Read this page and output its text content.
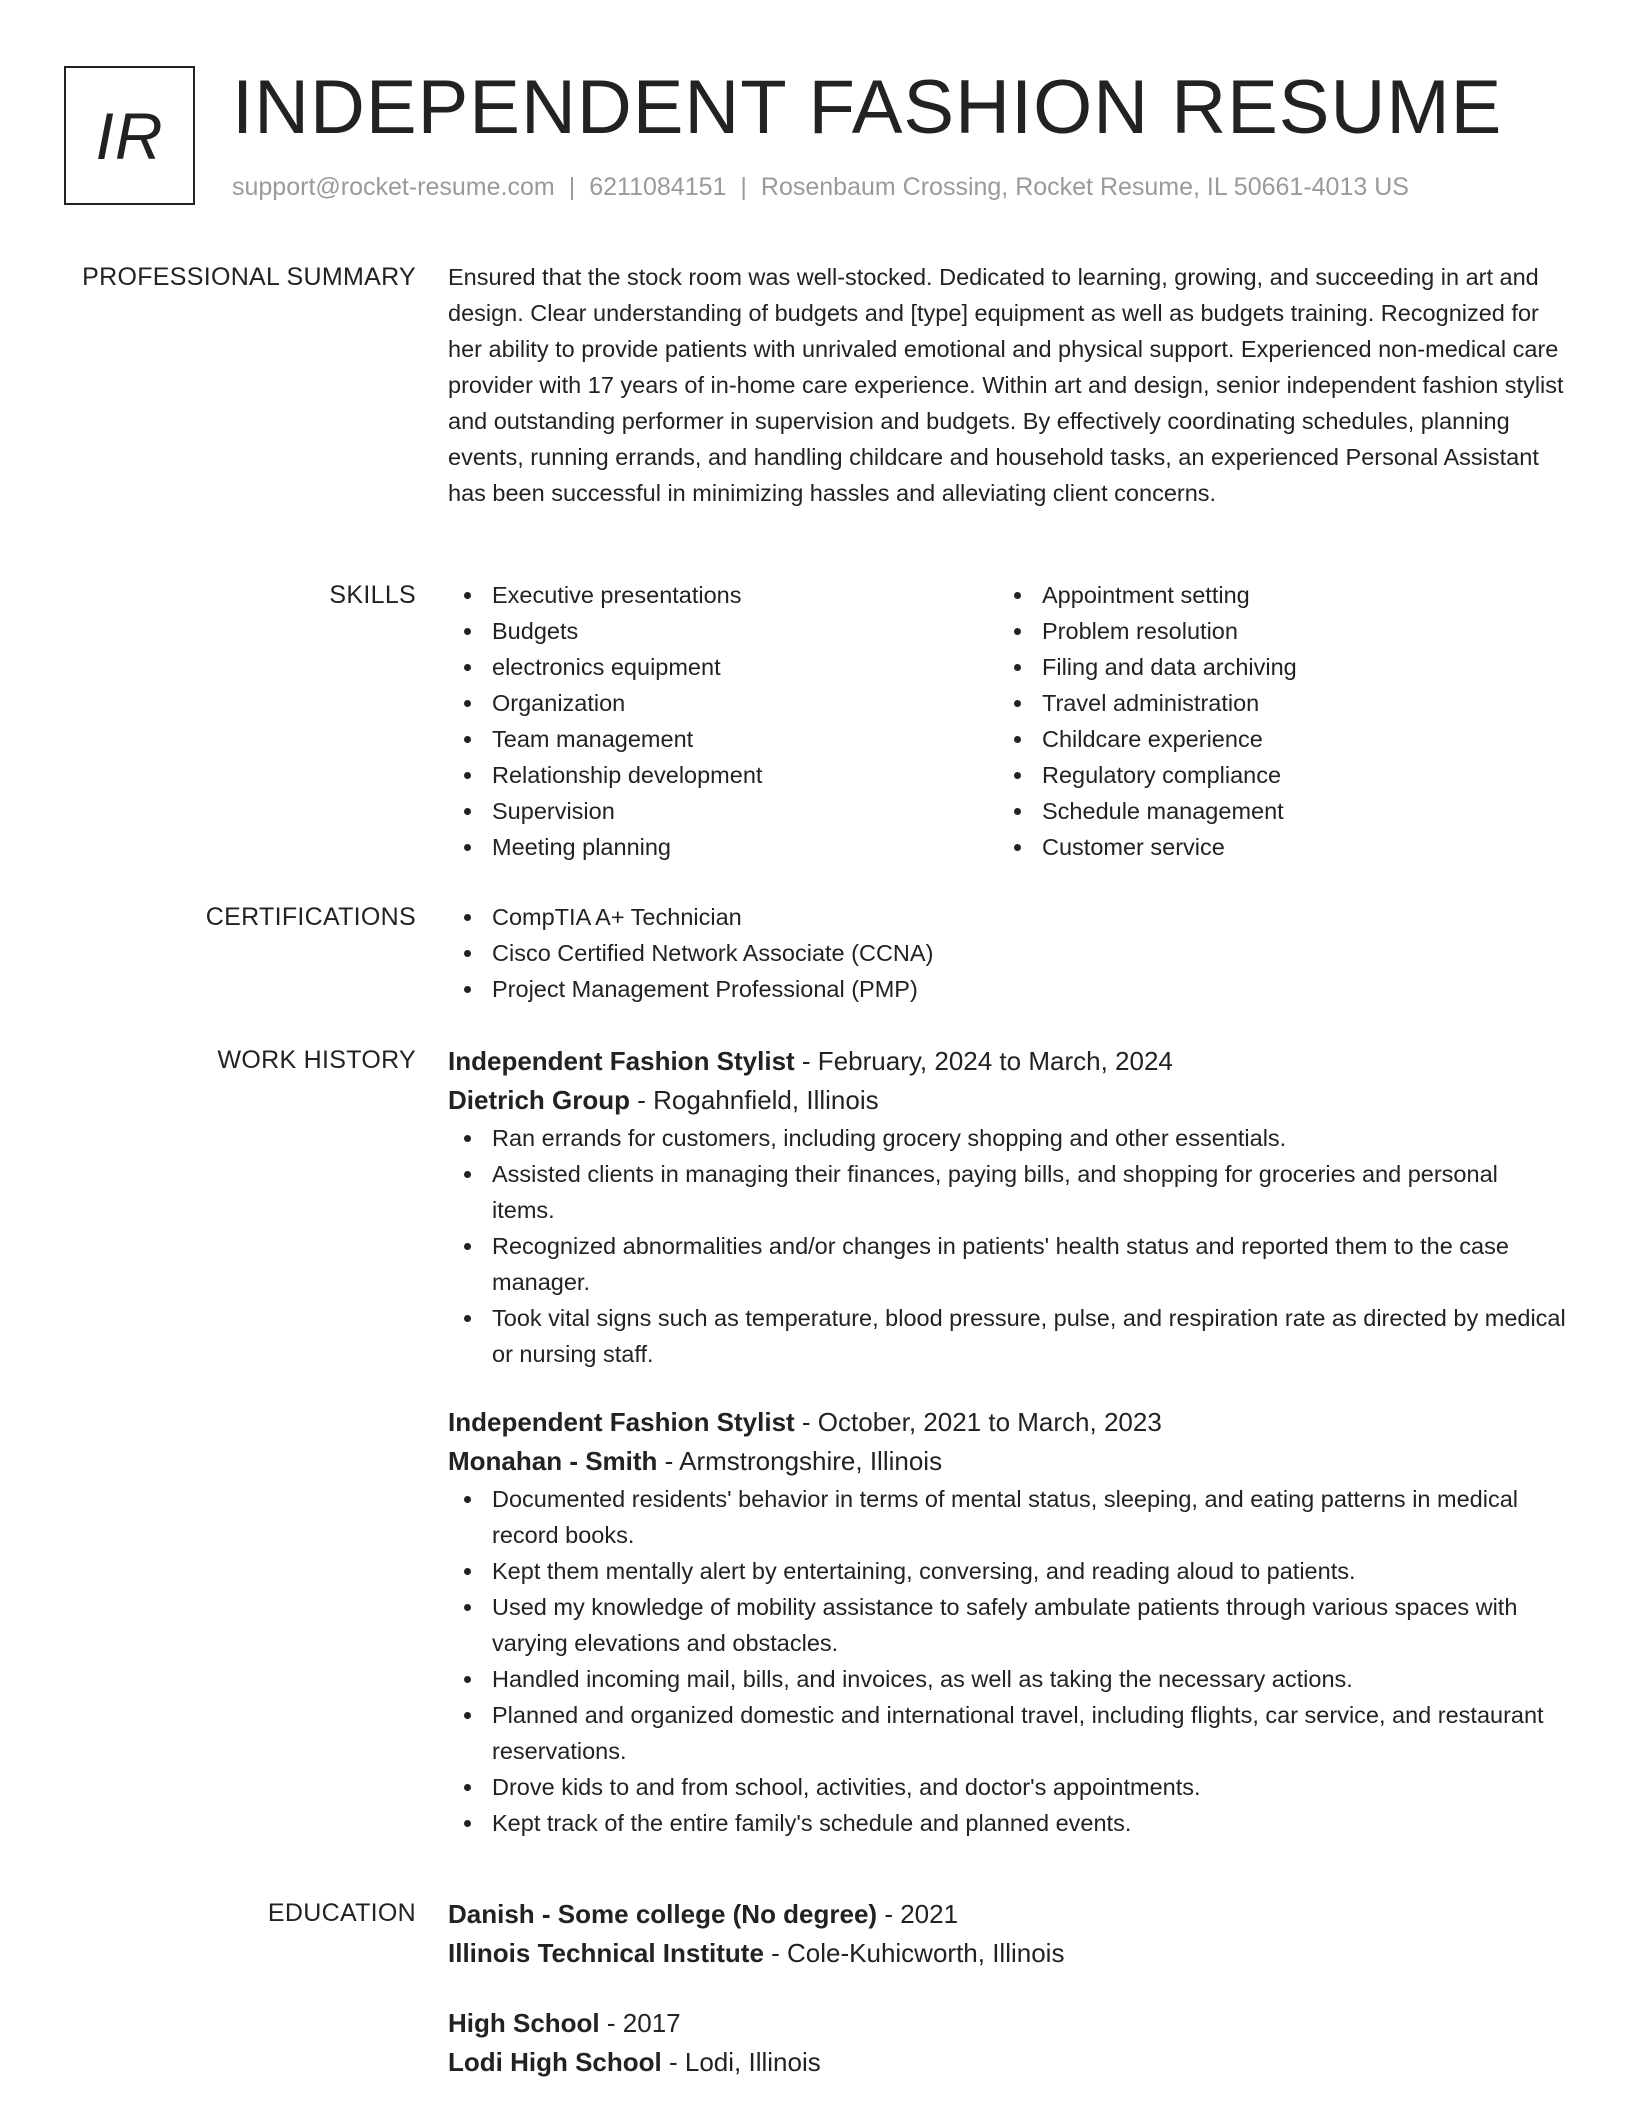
IR INDEPENDENT FASHION RESUME
support@rocket-resume.com | 6211084151 | Rosenbaum Crossing, Rocket Resume, IL 50661-4013 US
PROFESSIONAL SUMMARY Ensured that the stock room was well-stocked. Dedicated to learning, growing, and succeeding in art and design. Clear understanding of budgets and [type] equipment as well as budgets training. Recognized for her ability to provide patients with unrivaled emotional and physical support. Experienced non-medical care provider with 17 years of in-home care experience. Within art and design, senior independent fashion stylist and outstanding performer in supervision and budgets. By effectively coordinating schedules, planning events, running errands, and handling childcare and household tasks, an experienced Personal Assistant has been successful in minimizing hassles and alleviating client concerns.

SKILLS	Executive presentations
Budgets
electronics equipment
Organization
Team management
Relationship development
Supervision
Meeting planning
Appointment setting
Problem resolution
Filing and data archiving
Travel administration
Childcare experience
Regulatory compliance
Schedule management
Customer service
CERTIFICATIONS	CompTIA A+ Technician
Cisco Certified Network Associate (CCNA)
Project Management Professional (PMP)
WORK HISTORY Independent Fashion Stylist - February, 2024 to March, 2024
Dietrich Group - Rogahnfield, Illinois
Ran errands for customers, including grocery shopping and other essentials.
Assisted clients in managing their finances, paying bills, and shopping for groceries and personal items.
Recognized abnormalities and/or changes in patients' health status and reported them to the case manager.
Took vital signs such as temperature, blood pressure, pulse, and respiration rate as directed by medical or nursing staff.
Independent Fashion Stylist - October, 2021 to March, 2023
Monahan - Smith - Armstrongshire, Illinois
Documented residents' behavior in terms of mental status, sleeping, and eating patterns in medical record books.
Kept them mentally alert by entertaining, conversing, and reading aloud to patients.
Used my knowledge of mobility assistance to safely ambulate patients through various spaces with varying elevations and obstacles.
Handled incoming mail, bills, and invoices, as well as taking the necessary actions.
Planned and organized domestic and international travel, including flights, car service, and restaurant reservations.
Drove kids to and from school, activities, and doctor's appointments.
Kept track of the entire family's schedule and planned events.
EDUCATION Danish - Some college (No degree) - 2021
Illinois Technical Institute - Cole-Kuhicworth, Illinois
High School - 2017
Lodi High School - Lodi, Illinois
